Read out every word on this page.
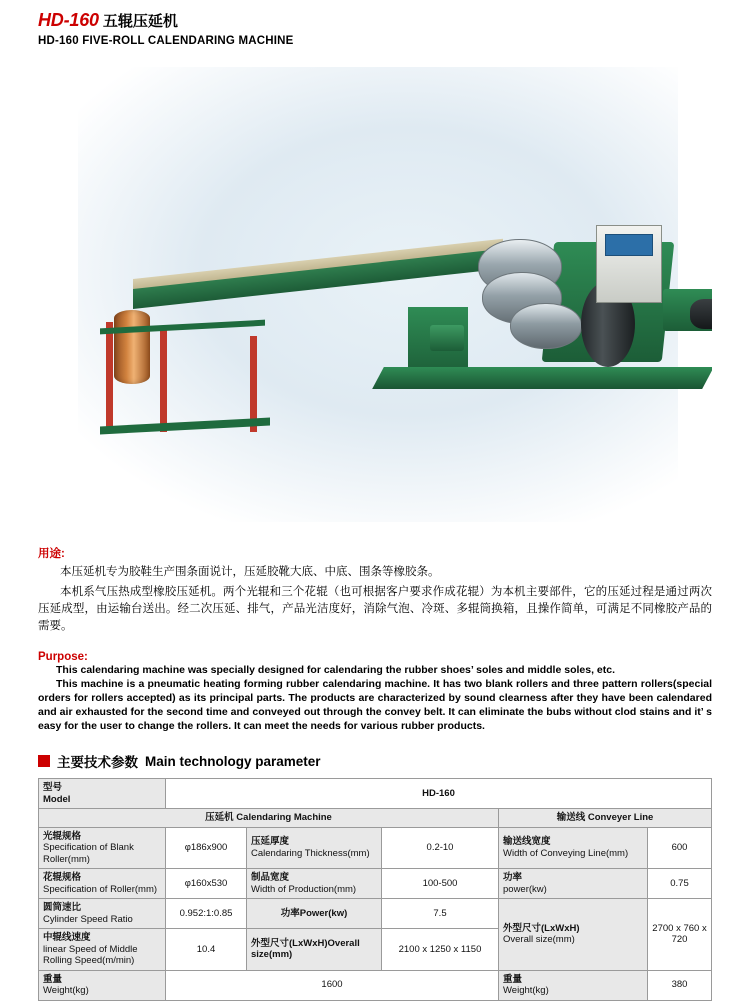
HD-160 五辊压延机
HD-160 FIVE-ROLL CALENDARING MACHINE
用途:
本压延机专为胶鞋生产围条面说计，压延胶靴大底、中底、围条等橡胶条。
本机系气压热成型橡胶压延机。两个光辊和三个花辊（也可根据客户要求作成花辊）为本机主要部件，它的压延过程是通过两次压延成型，由运输台送出。经二次压延、排气，产品光洁度好，消除气泡、冷斑、多辊筒换箱，且操作简单，可满足不同橡胶产品的需要。
Purpose:
This calendaring machine was specially designed for calendaring the rubber shoes’ soles and middle soles, etc.
This machine is a pneumatic heating forming rubber calendaring machine. It has two blank rollers and three pattern rollers(special orders for rollers accepted) as its principal parts. The products are characterized by sound clearness after they have been calendared and air exhausted for the second time and conveyed out through the convey belt. It can eliminate the bubs without clod stains and it’ s easy for the user to change the rollers. It can meet the needs for various rubber products.
主要技术参数 Main technology parameter
型号
Model	HD-160				
压延机 Calendaring Machine				输送线 Conveyer Line	

光辊规格
Specification of Blank Roller(mm)	φ186x900	压延厚度
Calendaring Thickness(mm)	0.2-10	输送线宽度
Width of Conveying Line(mm)	600

花辊规格
Specification of Roller(mm)	φ160x530	制品宽度
Width of Production(mm)	100-500	功率
power(kw)	0.75

圆筒速比
Cylinder Speed Ratio	0.952:1:0.85	功率Power(kw)	7.5	外型尺寸(LxWxH)
Overall size(mm)	2700 x 760 x 720

中辊线速度
linear Speed of Middle Rolling Speed(m/min)	10.4	外型尺寸(LxWxH)Overall size(mm)	2100 x 1250 x 1150		

重量
Weight(kg)	1600			重量
Weight(kg)	380
